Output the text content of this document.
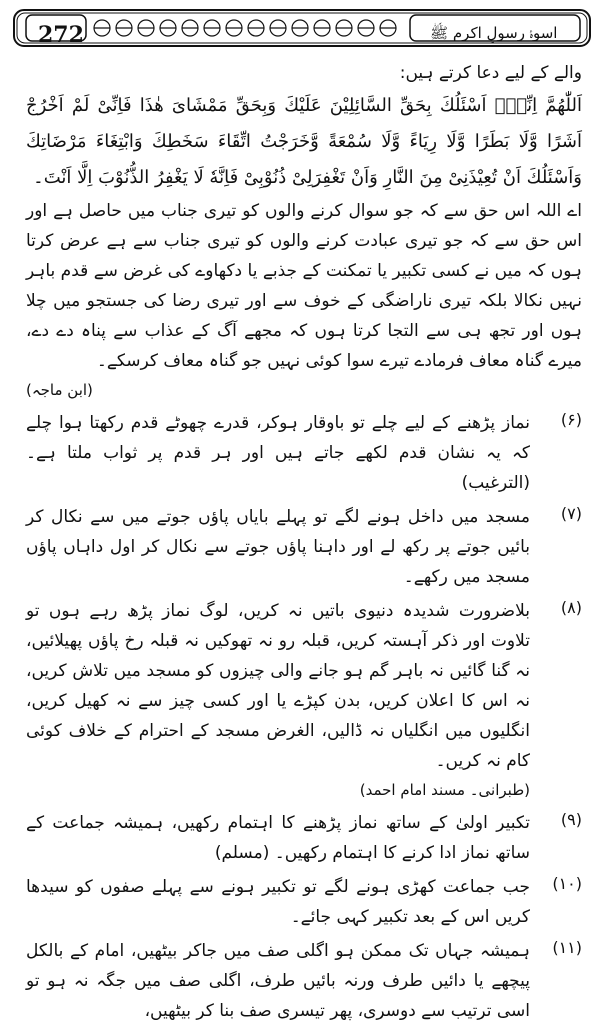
272	اسوۂ رسولِ اکرم ﷺ

والے کے لیے دعا کرتے ہیں:

اَللّٰھُمَّ اِنِّیْۤ اَسْئَلُكَ بِحَقِّ السَّائِلِیْنَ عَلَیْكَ وَبِحَقِّ مَمْشَایَ ھٰذَا فَاِنِّیْ لَمْ اَخْرُجْ اَشَرًا وَّلَا بَطَرًا وَّلَا رِیَاءً وَّلَا سُمْعَةً وَّخَرَجْتُ اتِّقَاءَ سَخَطِكَ وَابْتِغَاءَ مَرْضَاتِكَ وَاَسْئَلُكَ اَنْ تُعِیْذَنِیْ مِنَ النَّارِ وَاَنْ تَغْفِرَلِیْ ذُنُوْبِیْ فَاِنَّهٗ لَا یَغْفِرُ الذُّنُوْبَ اِلَّا اَنْتَ۔

اے اللہ اس حق سے کہ جو سوال کرنے والوں کو تیری جناب میں حاصل ہے اور اس حق سے کہ جو تیری عبادت کرنے والوں کو تیری جناب سے ہے عرض کرتا ہوں کہ میں نے کسی تکبیر یا تمکنت کے جذبے یا دکھاوے کی غرض سے قدم باہر نہیں نکالا بلکہ تیری ناراضگی کے خوف سے اور تیری رضا کی جستجو میں چلا ہوں اور تجھ ہی سے التجا کرتا ہوں کہ مجھے آگ کے عذاب سے پناہ دے دے، میرے گناہ معاف فرمادے تیرے سوا کوئی نہیں جو گناہ معاف کرسکے۔

(ابن ماجہ)
(۶)
نماز پڑھنے کے لیے چلے تو باوقار ہوکر، قدرے چھوٹے قدم رکھتا ہوا چلے کہ یہ نشان قدم لکھے جاتے ہیں اور ہر قدم پر ثواب ملتا ہے۔ (الترغیب)
(۷)
مسجد میں داخل ہونے لگے تو پہلے بایاں پاؤں جوتے میں سے نکال کر بائیں جوتے پر رکھ لے اور داہنا پاؤں جوتے سے نکال کر اول داہاں پاؤں مسجد میں رکھے۔
(۸)
بلاضرورت شدیدہ دنیوی باتیں نہ کریں، لوگ نماز پڑھ رہے ہوں تو تلاوت اور ذکر آہستہ کریں، قبلہ رو نہ تھوکیں نہ قبلہ رخ پاؤں پھیلائیں، نہ گنا گائیں نہ باہر گم ہو جانے والی چیزوں کو مسجد میں تلاش کریں، نہ اس کا اعلان کریں، بدن کپڑے یا اور کسی چیز سے نہ کھیل کریں، انگلیوں میں انگلیاں نہ ڈالیں، الغرض مسجد کے احترام کے خلاف کوئی کام نہ کریں۔
(طبرانی۔ مسند امام احمد)
(۹)
تکبیر اولیٰ کے ساتھ نماز پڑھنے کا اہتمام رکھیں، ہمیشہ جماعت کے ساتھ نماز ادا کرنے کا اہتمام رکھیں۔ (مسلم)
(۱۰)
جب جماعت کھڑی ہونے لگے تو تکبیر ہونے سے پہلے صفوں کو سیدھا کریں اس کے بعد تکبیر کہی جائے۔
(۱۱)
ہمیشہ جہاں تک ممکن ہو اگلی صف میں جاکر بیٹھیں، امام کے بالکل پیچھے یا دائیں طرف ورنہ بائیں طرف، اگلی صف میں جگہ نہ ہو تو اسی ترتیب سے دوسری، پھر تیسری صف بنا کر بیٹھیں،
